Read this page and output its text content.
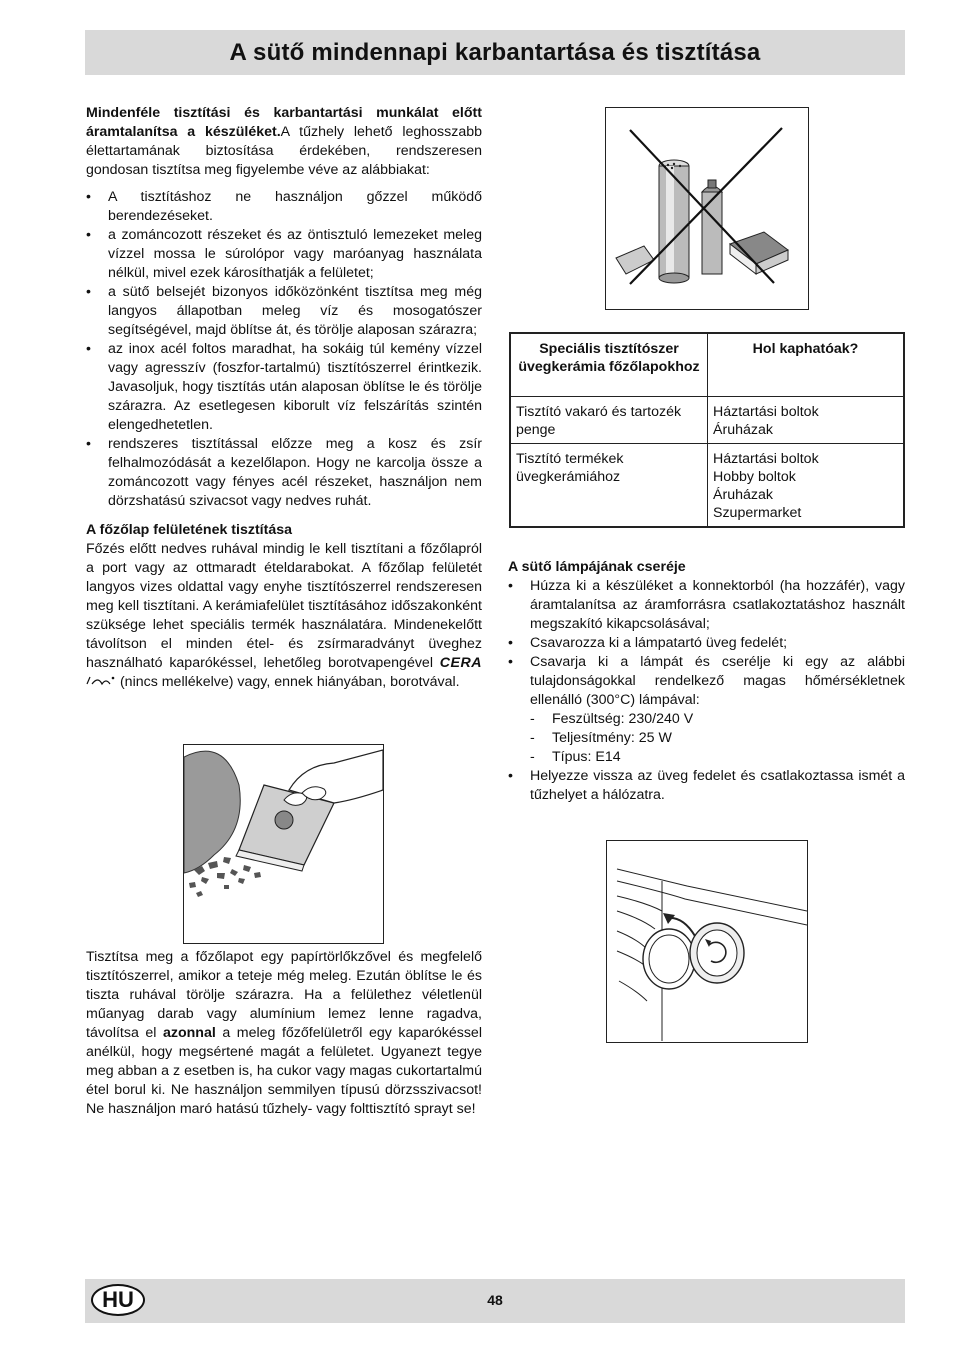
A sütő mindennapi karbantartása és tisztítása

Mindenféle tisztítási és karbantartási munkálat előtt áramtalanítsa a készüléket.A tűzhely lehető leghosszabb élettartamának biztosítása érdekében, rendszeresen gondosan tisztítsa meg figyelembe véve az alábbiakat:

• A tisztításhoz ne használjon gőzzel működő berendezéseket.
• a zománcozott részeket és az öntisztuló lemezeket meleg vízzel mossa le súrolópor vagy maróanyag használata nélkül, mivel ezek károsíthatják a felületet;
• a sütő belsejét bizonyos időközönként tisztítsa meg még langyos állapotban meleg víz és mosogatószer segítségével, majd öblítse át, és törölje alaposan szárazra;
• az inox acél foltos maradhat, ha sokáig túl kemény vízzel vagy agresszív (foszfor-tartalmú) tisztítószerrel érintkezik. Javasoljuk, hogy tisztítás után alaposan öblítse le és törölje szárazra. Az esetlegesen kiborult víz felszárítás szintén elengedhetetlen.
• rendszeres tisztítással előzze meg a kosz és zsír felhalmozódását a kezelőlapon. Hogy ne karcolja össze a zománcozott vagy fényes acél részeket, használjon nem dörzshatású szivacsot vagy nedves ruhát.

A főzőlap felületének tisztítása

Főzés előtt nedves ruhával mindig le kell tisztítani a főzőlapról a port vagy az ottmaradt ételdarabokat. A főzőlap felületét langyos vizes oldattal vagy enyhe tisztítószerrel rendszeresen meg kell tisztítani. A kerámiafelület tisztításához időszakonként szüksége lehet speciális termék használatára. Mindenekelőtt távolítson el minden étel- és zsírmaradványt üveghez használható kaparókéssel, lehetőleg borotvapengével CERA (nincs mellékelve) vagy, ennek hiányában, borotvával.

Tisztítsa meg a főzőlapot egy papírtörlőkzővel és megfelelő tisztítószerrel, amikor a teteje még meleg. Ezután öblítse le és tiszta ruhával törölje szárazra. Ha a felülethez véletlenül műanyag darab vagy alumínium lemez lenne ragadva, távolítsa el azonnal a meleg főzőfelületről egy kaparókéssel anélkül, hogy megsértené magát a felületet. Ugyanezt tegye meg abban a z esetben is, ha cukor vagy magas cukortartalmú étel borul ki. Ne használjon semmilyen típusú dörzsszivacsot! Ne használjon maró hatású tűzhely- vagy folttisztító sprayt se!

Speciális tisztítószer üvegkerámia főzőlapokhoz	Hol kaphatóak?
Tisztító vakaró és tartozék penge	Háztartási boltok
Áruházak
Tisztító termékek üvegkerámiához	Háztartási boltok
Hobby boltok
Áruházak
Szupermarket

A sütő lámpájának cseréje

• Húzza ki a készüléket a konnektorból (ha hozzáfér), vagy áramtalanítsa az áramforrásra csatlakoztatáshoz használt megszakító kikapcsolásával;
• Csavarozza ki a lámpatartó üveg fedelét;
• Csavarja ki a lámpát és cserélje ki egy az alábbi tulajdonságokkal rendelkező magas hőmérsékletnek ellenálló (300°C) lámpával:
- Feszültség: 230/240 V
- Teljesítmény: 25 W
- Típus: E14

• Helyezze vissza az üveg fedelet és csatlakoztassa ismét a tűzhelyet a hálózatra.

HU	48
